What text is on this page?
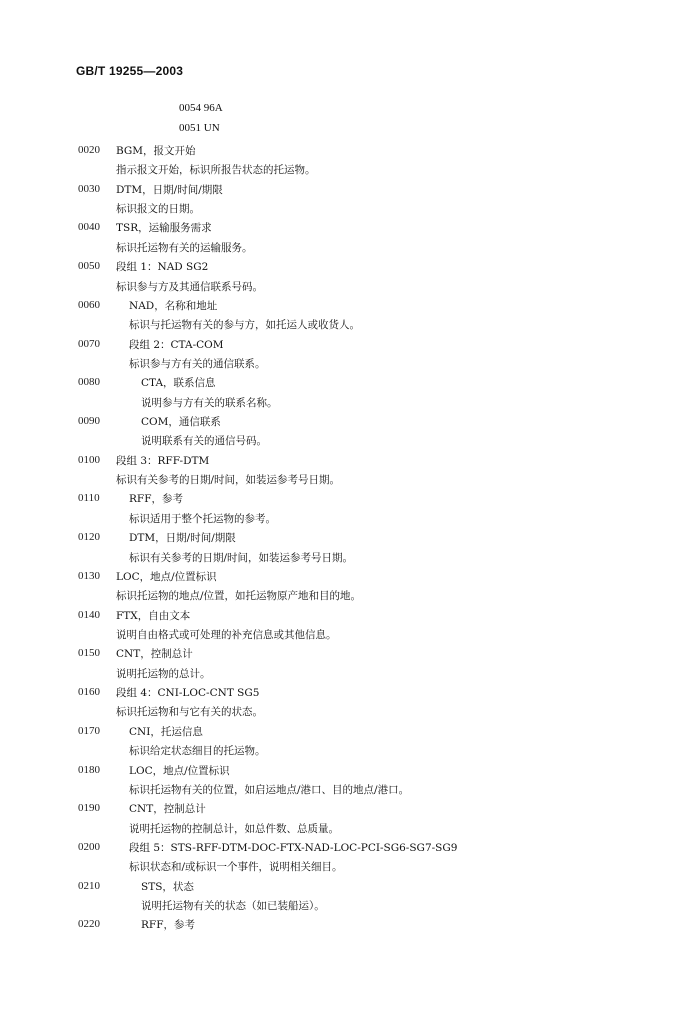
GB/T 19255—2003
0054 96A
0051 UN
0020 BGM，报文开始
指示报文开始，标识所报告状态的托运物。
0030 DTM，日期/时间/期限
标识报文的日期。
0040 TSR，运输服务需求
标识托运物有关的运输服务。
0050 段组 1：NAD SG2
标识参与方及其通信联系号码。
0060	NAD，名称和地址
标识与托运物有关的参与方，如托运人或收货人。
0070	段组 2：CTA-COM
标识参与方有关的通信联系。
0080	CTA，联系信息
说明参与方有关的联系名称。
0090	COM，通信联系
说明联系有关的通信号码。
0100 段组 3：RFF-DTM
标识有关参考的日期/时间，如装运参考号日期。
0110	RFF，参考
标识适用于整个托运物的参考。
0120	DTM，日期/时间/期限
标识有关参考的日期/时间，如装运参考号日期。
0130 LOC，地点/位置标识
标识托运物的地点/位置，如托运物原产地和目的地。
0140 FTX，自由文本
说明自由格式或可处理的补充信息或其他信息。
0150 CNT，控制总计
说明托运物的总计。
0160 段组 4：CNI-LOC-CNT SG5
标识托运物和与它有关的状态。
0170	CNI，托运信息
标识给定状态细目的托运物。
0180	LOC，地点/位置标识
标识托运物有关的位置，如启运地点/港口、目的地点/港口。
0190	CNT，控制总计
说明托运物的控制总计，如总件数、总质量。
0200	段组 5：STS-RFF-DTM-DOC-FTX-NAD-LOC-PCI-SG6-SG7-SG9
标识状态和/或标识一个事件，说明相关细目。
0210	STS，状态
说明托运物有关的状态（如已装船运）。
0220	RFF，参考
